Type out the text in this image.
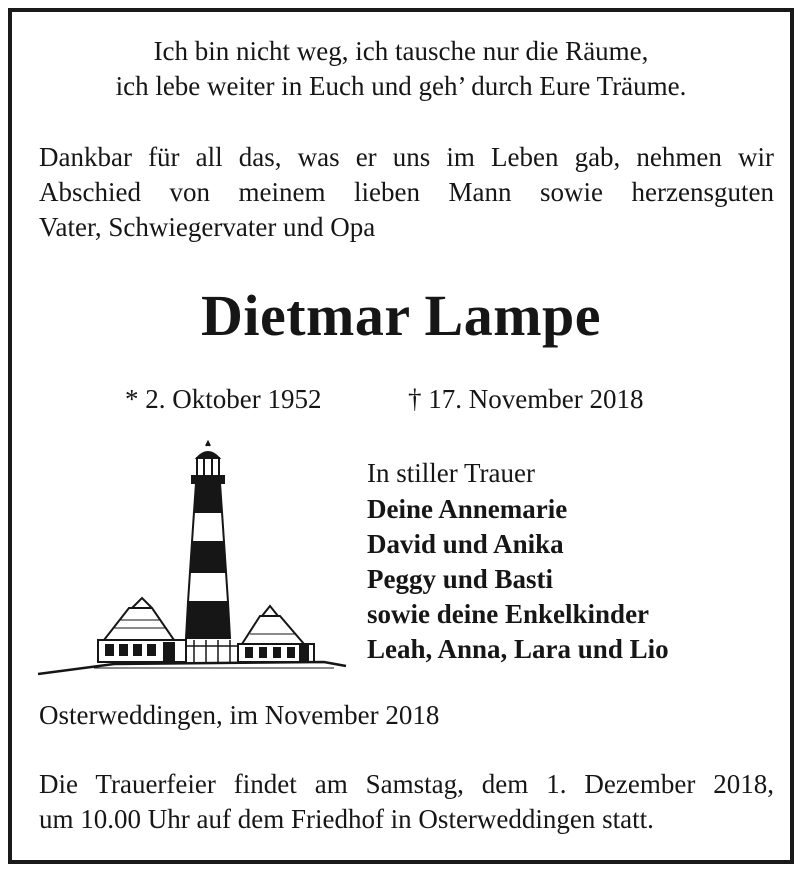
Ich bin nicht weg, ich tausche nur die Räume,
ich lebe weiter in Euch und geh’ durch Eure Träume.
Dankbar für all das, was er uns im Leben gab, nehmen wir
Abschied von meinem lieben Mann sowie herzensguten
Vater, Schwiegervater und Opa
Dietmar Lampe
* 2. Oktober 1952	† 17. November 2018
In stiller Trauer
Deine Annemarie
David und Anika
Peggy und Basti
sowie deine Enkelkinder
Leah, Anna, Lara und Lio
Osterweddingen, im November 2018
Die Trauerfeier findet am Samstag, dem 1. Dezember 2018,
um 10.00 Uhr auf dem Friedhof in Osterweddingen statt.
